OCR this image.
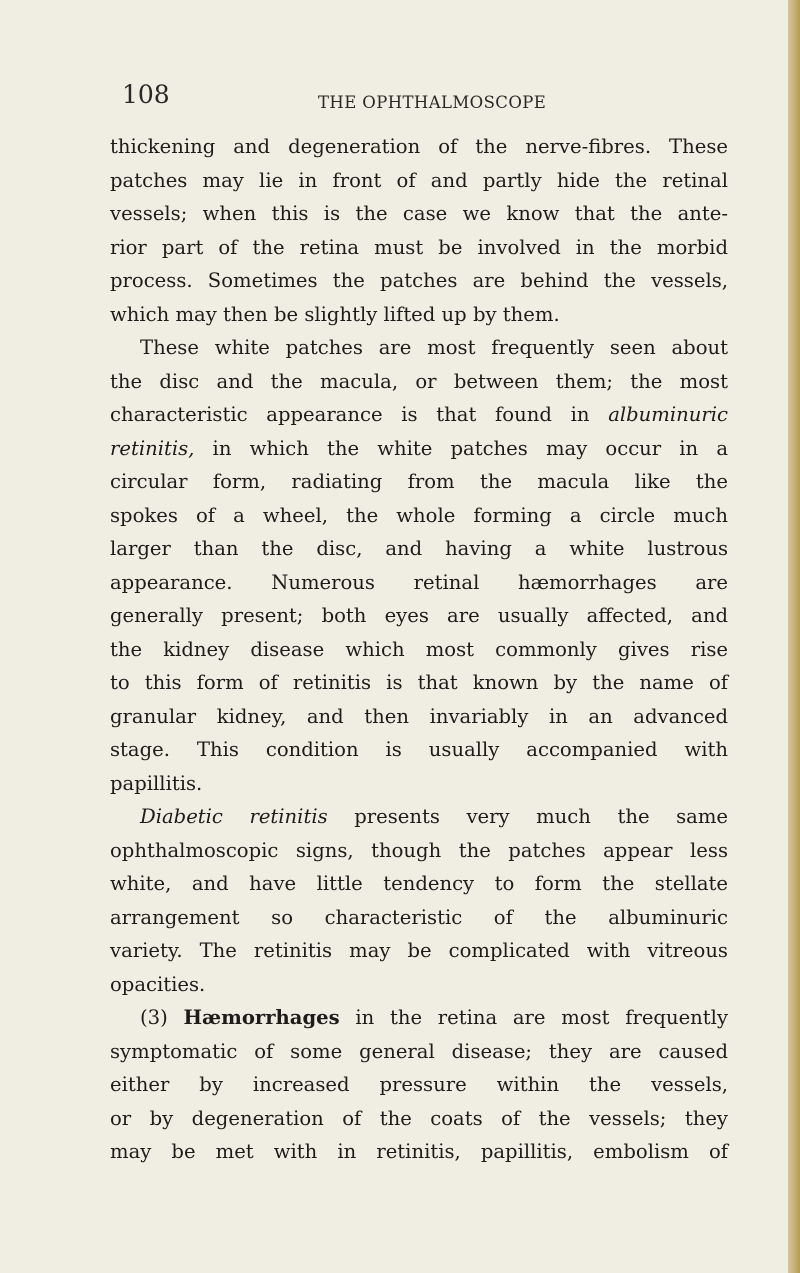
108	THE OPHTHALMOSCOPE
thickening and degeneration of the nerve-fibres. These
patches may lie in front of and partly hide the retinal
vessels; when this is the case we know that the ante-
rior part of the retina must be involved in the morbid
process. Sometimes the patches are behind the vessels,
which may then be slightly lifted up by them.
These white patches are most frequently seen about
the disc and the macula, or between them; the most
characteristic appearance is that found in albuminuric
retinitis, in which the white patches may occur in a
circular form, radiating from the macula like the
spokes of a wheel, the whole forming a circle much
larger than the disc, and having a white lustrous
appearance. Numerous retinal hæmorrhages are
generally present; both eyes are usually affected, and
the kidney disease which most commonly gives rise
to this form of retinitis is that known by the name of
granular kidney, and then invariably in an advanced
stage. This condition is usually accompanied with
papillitis.
Diabetic retinitis presents very much the same
ophthalmoscopic signs, though the patches appear less
white, and have little tendency to form the stellate
arrangement so characteristic of the albuminuric
variety. The retinitis may be complicated with vitreous
opacities.
(3) Hæmorrhages in the retina are most frequently
symptomatic of some general disease; they are caused
either by increased pressure within the vessels,
or by degeneration of the coats of the vessels; they
may be met with in retinitis, papillitis, embolism of
